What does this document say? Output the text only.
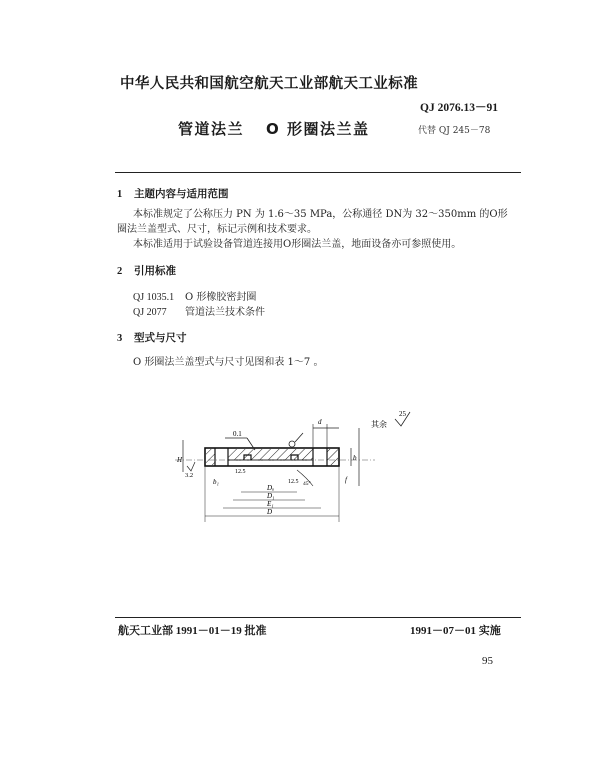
中华人民共和国航空航天工业部航天工业标准
QJ 2076.13－91
管道法兰 O 形圈法兰盖	代替 QJ 245－78
1 主题内容与适用范围
本标准规定了公称压力 PN 为 1.6～35 MPa，公称通径 DN为 32～350mm 的O形
圈法兰盖型式、尺寸，标记示例和技术要求。
本标准适用于试验设备管道连接用O形圈法兰盖，地面设备亦可参照使用。
2 引用标准
QJ 1035.1 O 形橡胶密封圈
QJ 2077 管道法兰技术条件
3 型式与尺寸
O 形圈法兰盖型式与尺寸见图和表 1～7 。
其余
25
0.1
H
3.2
d
b
f
12.5
12.5 45°
b₁
Dₐ
D₁
E₁
D
航天工业部 1991－01－19 批准	1991－07－01 实施
95
